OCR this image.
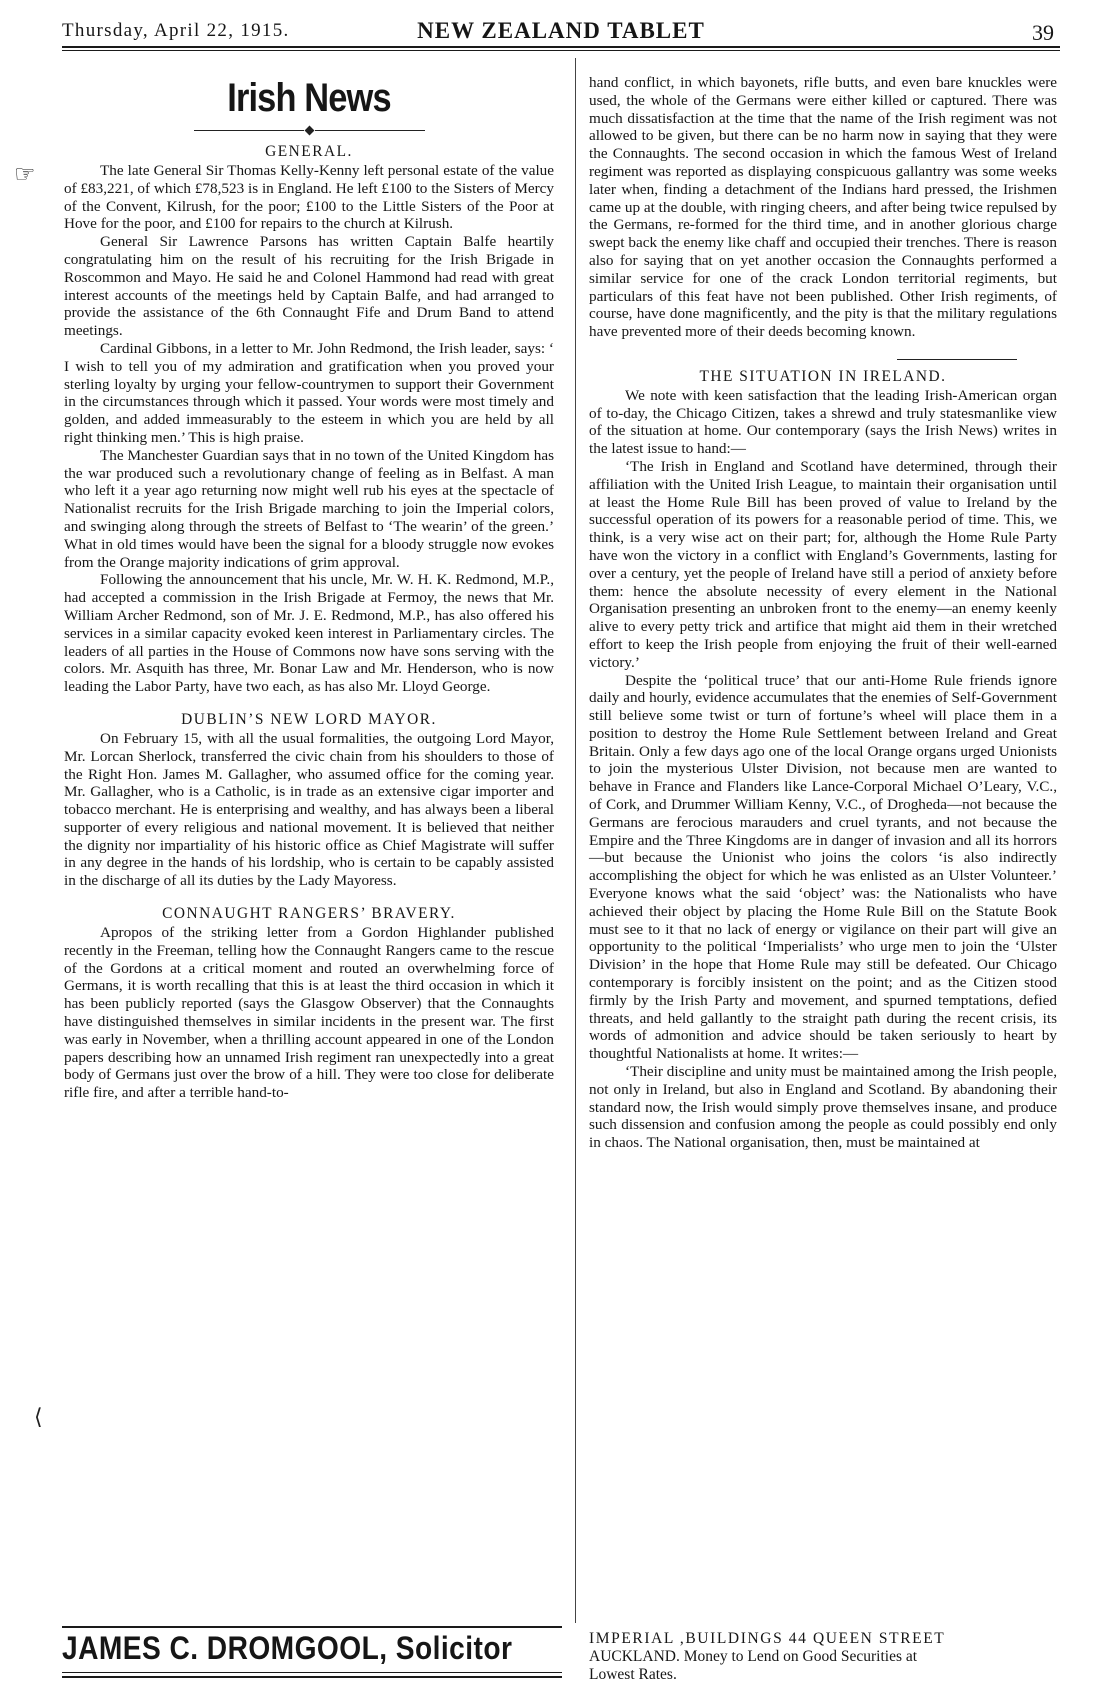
Thursday, April 22, 1915.	NEW ZEALAND TABLET	39
☞
⟨
Irish News
GENERAL.

The late General Sir Thomas Kelly-Kenny left personal estate of the value of £83,221, of which £78,523 is in England. He left £100 to the Sisters of Mercy of the Convent, Kilrush, for the poor; £100 to the Little Sisters of the Poor at Hove for the poor, and £100 for repairs to the church at Kilrush.

General Sir Lawrence Parsons has written Captain Balfe heartily congratulating him on the result of his recruiting for the Irish Brigade in Roscommon and Mayo. He said he and Colonel Hammond had read with great interest accounts of the meetings held by Captain Balfe, and had arranged to provide the assistance of the 6th Connaught Fife and Drum Band to attend meetings.

Cardinal Gibbons, in a letter to Mr. John Redmond, the Irish leader, says: ‘ I wish to tell you of my admiration and gratification when you proved your sterling loyalty by urging your fellow-countrymen to support their Government in the circumstances through which it passed. Your words were most timely and golden, and added immeasurably to the esteem in which you are held by all right thinking men.’ This is high praise.

The Manchester Guardian says that in no town of the United Kingdom has the war produced such a revolutionary change of feeling as in Belfast. A man who left it a year ago returning now might well rub his eyes at the spectacle of Nationalist recruits for the Irish Brigade marching to join the Imperial colors, and swinging along through the streets of Belfast to ‘The wearin’ of the green.’ What in old times would have been the signal for a bloody struggle now evokes from the Orange majority indications of grim approval.

Following the announcement that his uncle, Mr. W. H. K. Redmond, M.P., had accepted a commission in the Irish Brigade at Fermoy, the news that Mr. William Archer Redmond, son of Mr. J. E. Redmond, M.P., has also offered his services in a similar capacity evoked keen interest in Parliamentary circles. The leaders of all parties in the House of Commons now have sons serving with the colors. Mr. Asquith has three, Mr. Bonar Law and Mr. Henderson, who is now leading the Labor Party, have two each, as has also Mr. Lloyd George.

DUBLIN’S NEW LORD MAYOR.

On February 15, with all the usual formalities, the outgoing Lord Mayor, Mr. Lorcan Sherlock, transferred the civic chain from his shoulders to those of the Right Hon. James M. Gallagher, who assumed office for the coming year. Mr. Gallagher, who is a Catholic, is in trade as an extensive cigar importer and tobacco merchant. He is enterprising and wealthy, and has always been a liberal supporter of every religious and national movement. It is believed that neither the dignity nor impartiality of his historic office as Chief Magistrate will suffer in any degree in the hands of his lordship, who is certain to be capably assisted in the discharge of all its duties by the Lady Mayoress.

CONNAUGHT RANGERS’ BRAVERY.

Apropos of the striking letter from a Gordon Highlander published recently in the Freeman, telling how the Connaught Rangers came to the rescue of the Gordons at a critical moment and routed an overwhelming force of Germans, it is worth recalling that this is at least the third occasion in which it has been publicly reported (says the Glasgow Observer) that the Connaughts have distinguished themselves in similar incidents in the present war. The first was early in November, when a thrilling account appeared in one of the London papers describing how an unnamed Irish regiment ran unexpectedly into a great body of Germans just over the brow of a hill. They were too close for deliberate rifle fire, and after a terrible hand-to-

hand conflict, in which bayonets, rifle butts, and even bare knuckles were used, the whole of the Germans were either killed or captured. There was much dissatisfaction at the time that the name of the Irish regiment was not allowed to be given, but there can be no harm now in saying that they were the Connaughts. The second occasion in which the famous West of Ireland regiment was reported as displaying conspicuous gallantry was some weeks later when, finding a detachment of the Indians hard pressed, the Irishmen came up at the double, with ringing cheers, and after being twice repulsed by the Germans, re-formed for the third time, and in another glorious charge swept back the enemy like chaff and occupied their trenches. There is reason also for saying that on yet another occasion the Connaughts performed a similar service for one of the crack London territorial regiments, but particulars of this feat have not been published. Other Irish regiments, of course, have done magnificently, and the pity is that the military regulations have prevented more of their deeds becoming known.

THE SITUATION IN IRELAND.

We note with keen satisfaction that the leading Irish-American organ of to-day, the Chicago Citizen, takes a shrewd and truly statesmanlike view of the situation at home. Our contemporary (says the Irish News) writes in the latest issue to hand:—

‘The Irish in England and Scotland have determined, through their affiliation with the United Irish League, to maintain their organisation until at least the Home Rule Bill has been proved of value to Ireland by the successful operation of its powers for a reasonable period of time. This, we think, is a very wise act on their part; for, although the Home Rule Party have won the victory in a conflict with England’s Governments, lasting for over a century, yet the people of Ireland have still a period of anxiety before them: hence the absolute necessity of every element in the National Organisation presenting an unbroken front to the enemy—an enemy keenly alive to every petty trick and artifice that might aid them in their wretched effort to keep the Irish people from enjoying the fruit of their well-earned victory.’

Despite the ‘political truce’ that our anti-Home Rule friends ignore daily and hourly, evidence accumulates that the enemies of Self-Government still believe some twist or turn of fortune’s wheel will place them in a position to destroy the Home Rule Settlement between Ireland and Great Britain. Only a few days ago one of the local Orange organs urged Unionists to join the mysterious Ulster Division, not because men are wanted to behave in France and Flanders like Lance-Corporal Michael O’Leary, V.C., of Cork, and Drummer William Kenny, V.C., of Drogheda—not because the Germans are ferocious marauders and cruel tyrants, and not because the Empire and the Three Kingdoms are in danger of invasion and all its horrors —but because the Unionist who joins the colors ‘is also indirectly accomplishing the object for which he was enlisted as an Ulster Volunteer.’ Everyone knows what the said ‘object’ was: the Nationalists who have achieved their object by placing the Home Rule Bill on the Statute Book must see to it that no lack of energy or vigilance on their part will give an opportunity to the political ‘Imperialists’ who urge men to join the ‘Ulster Division’ in the hope that Home Rule may still be defeated. Our Chicago contemporary is forcibly insistent on the point; and as the Citizen stood firmly by the Irish Party and movement, and spurned temptations, defied threats, and held gallantly to the straight path during the recent crisis, its words of admonition and advice should be taken seriously to heart by thoughtful Nationalists at home. It writes:—

‘Their discipline and unity must be maintained among the Irish people, not only in Ireland, but also in England and Scotland. By abandoning their standard now, the Irish would simply prove themselves insane, and produce such dissension and confusion among the people as could possibly end only in chaos. The National organisation, then, must be maintained at

JAMES C. DROMGOOL, Solicitor	IMPERIAL ,BUILDINGS 44 QUEEN STREET
AUCKLAND. Money to Lend on Good Securities at
Lowest Rates.
